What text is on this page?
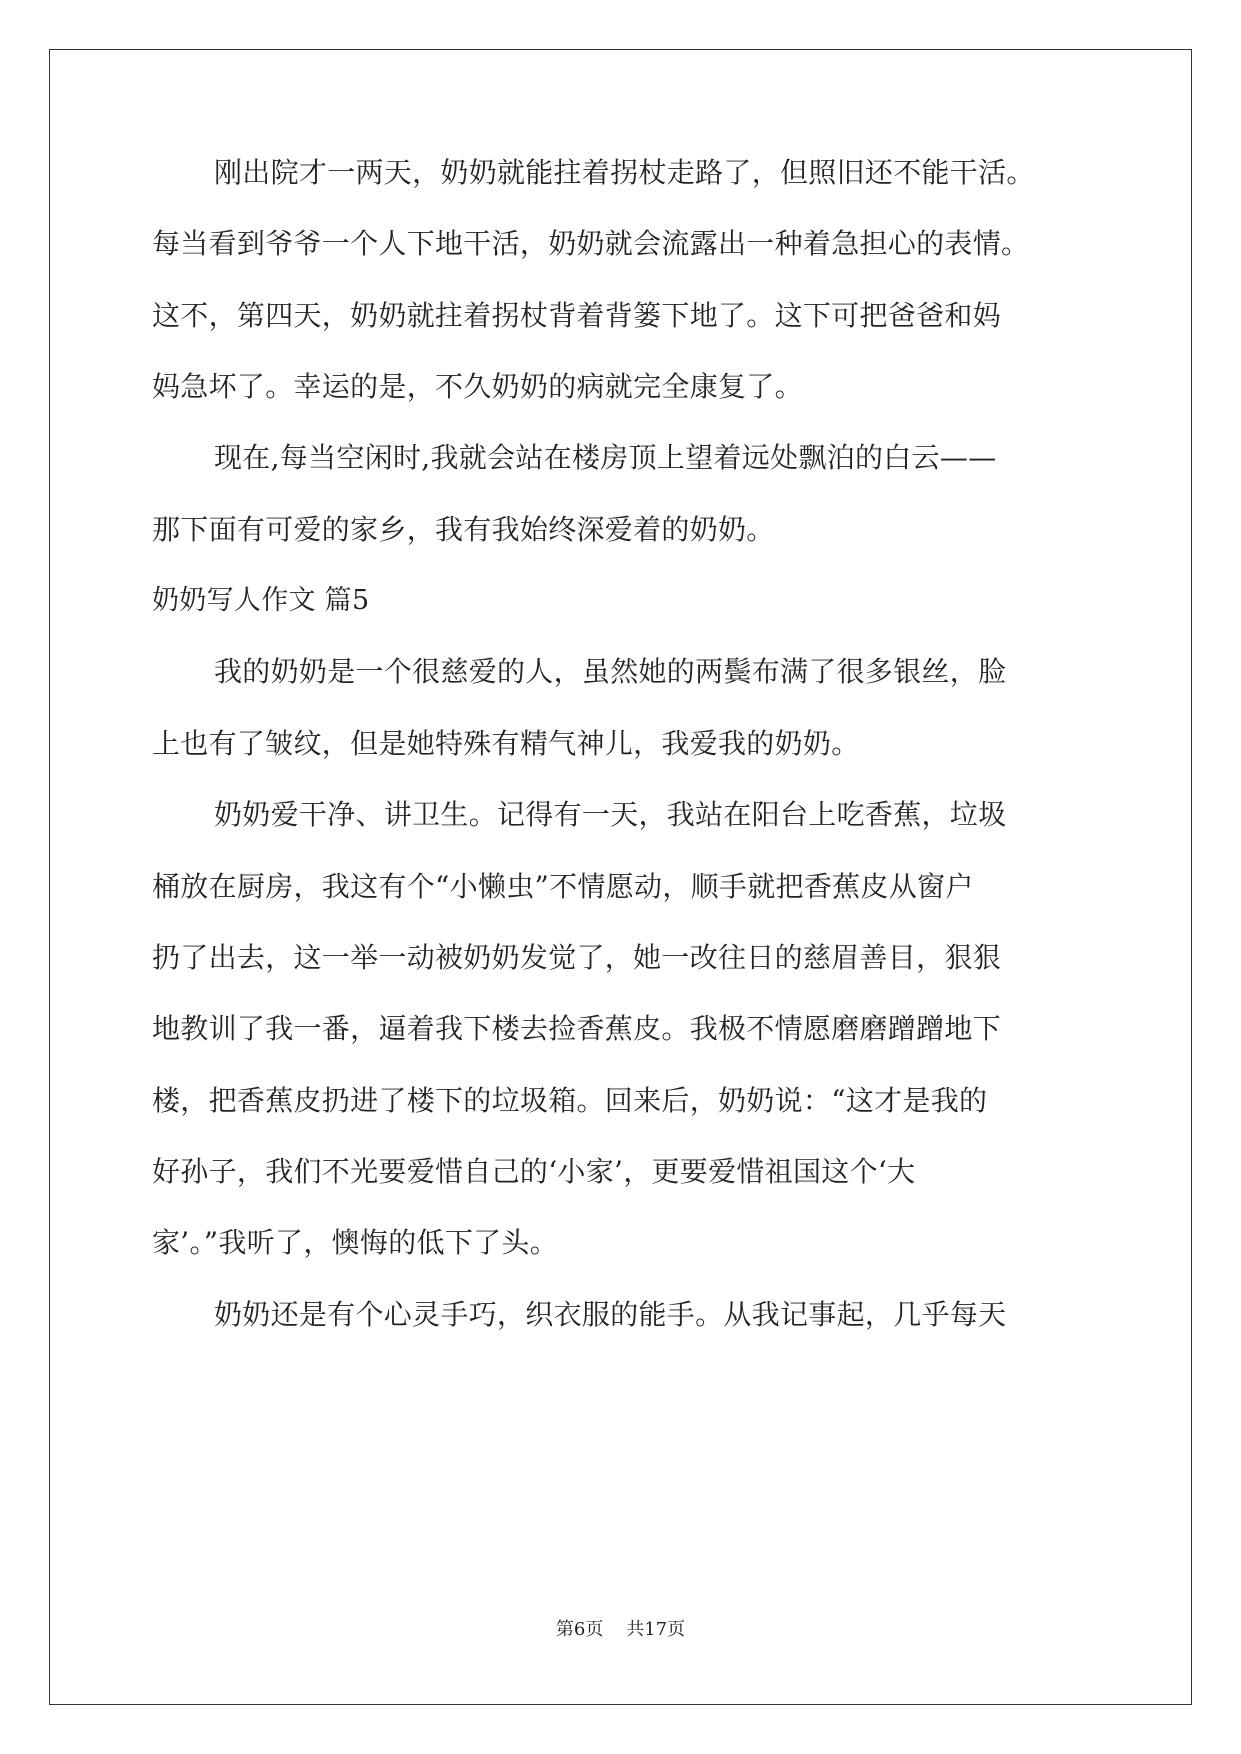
刚出院才一两天，奶奶就能拄着拐杖走路了，但照旧还不能干活。
每当看到爷爷一个人下地干活，奶奶就会流露出一种着急担心的表情。
这不，第四天，奶奶就拄着拐杖背着背篓下地了。这下可把爸爸和妈
妈急坏了。幸运的是，不久奶奶的病就完全康复了。
现在,每当空闲时,我就会站在楼房顶上望着远处飘泊的白云——
那下面有可爱的家乡，我有我始终深爱着的奶奶。
奶奶写人作文 篇5
我的奶奶是一个很慈爱的人，虽然她的两鬓布满了很多银丝，脸
上也有了皱纹，但是她特殊有精气神儿，我爱我的奶奶。
奶奶爱干净、讲卫生。记得有一天，我站在阳台上吃香蕉，垃圾
桶放在厨房，我这有个“小懒虫”不情愿动，顺手就把香蕉皮从窗户
扔了出去，这一举一动被奶奶发觉了，她一改往日的慈眉善目，狠狠
地教训了我一番，逼着我下楼去捡香蕉皮。我极不情愿磨磨蹭蹭地下
楼，把香蕉皮扔进了楼下的垃圾箱。回来后，奶奶说：“这才是我的
好孙子，我们不光要爱惜自己的‘小家’，更要爱惜祖国这个‘大
家’。”我听了，懊悔的低下了头。
奶奶还是有个心灵手巧，织衣服的能手。从我记事起，几乎每天
第6页 共17页
